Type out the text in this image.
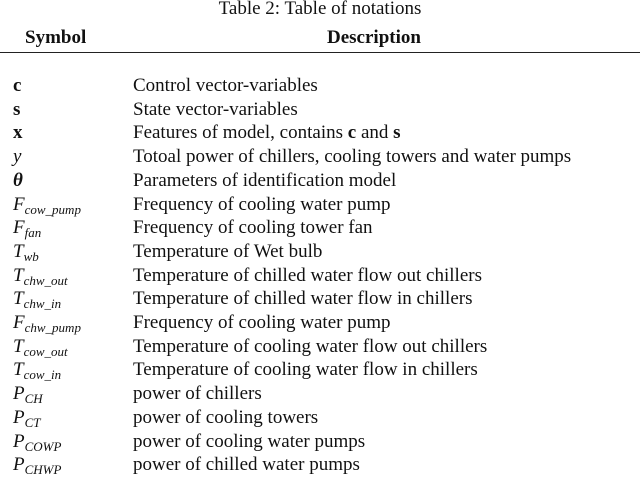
Table 2: Table of notations
Symbol	Description
c	Control vector-variables
s	State vector-variables
x	Features of model, contains c and s
y	Totoal power of chillers, cooling towers and water pumps
θ	Parameters of identification model
$F_{cow\_pump}$	Frequency of cooling water pump
$F_{fan}$	Frequency of cooling tower fan
$T_{wb}$	Temperature of Wet bulb
$T_{chw\_out}$	Temperature of chilled water flow out chillers
$T_{chw\_in}$	Temperature of chilled water flow in chillers
$F_{chw\_pump}$	Frequency of cooling water pump
$T_{cow\_out}$	Temperature of cooling water flow out chillers
$T_{cow\_in}$	Temperature of cooling water flow in chillers
$P_{CH}$	power of chillers
$P_{CT}$	power of cooling towers
$P_{COWP}$	power of cooling water pumps
$P_{CHWP}$	power of chilled water pumps
